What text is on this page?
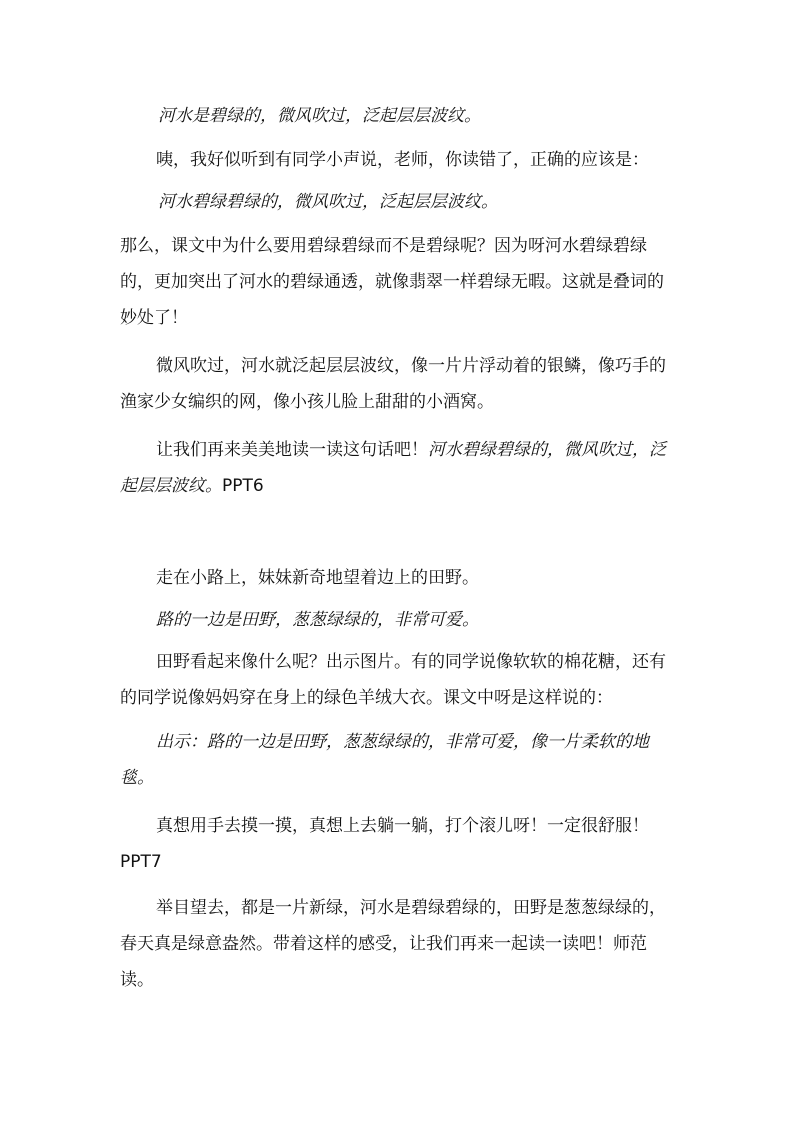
河水是碧绿的，微风吹过，泛起层层波纹。

咦，我好似听到有同学小声说，老师，你读错了，正确的应该是：

河水碧绿碧绿的，微风吹过，泛起层层波纹。

那么，课文中为什么要用碧绿碧绿而不是碧绿呢？因为呀河水碧绿碧绿的，更加突出了河水的碧绿通透，就像翡翠一样碧绿无暇。这就是叠词的妙处了！

微风吹过，河水就泛起层层波纹，像一片片浮动着的银鳞，像巧手的渔家少女编织的网，像小孩儿脸上甜甜的小酒窝。

让我们再来美美地读一读这句话吧！河水碧绿碧绿的，微风吹过，泛起层层波纹。PPT6

走在小路上，妹妹新奇地望着边上的田野。

路的一边是田野，葱葱绿绿的，非常可爱。

田野看起来像什么呢？出示图片。有的同学说像软软的棉花糖，还有的同学说像妈妈穿在身上的绿色羊绒大衣。课文中呀是这样说的：

出示：路的一边是田野，葱葱绿绿的，非常可爱，像一片柔软的地毯。

真想用手去摸一摸，真想上去躺一躺，打个滚儿呀！一定很舒服！PPT7

举目望去，都是一片新绿，河水是碧绿碧绿的，田野是葱葱绿绿的，春天真是绿意盎然。带着这样的感受，让我们再来一起读一读吧！师范读。
